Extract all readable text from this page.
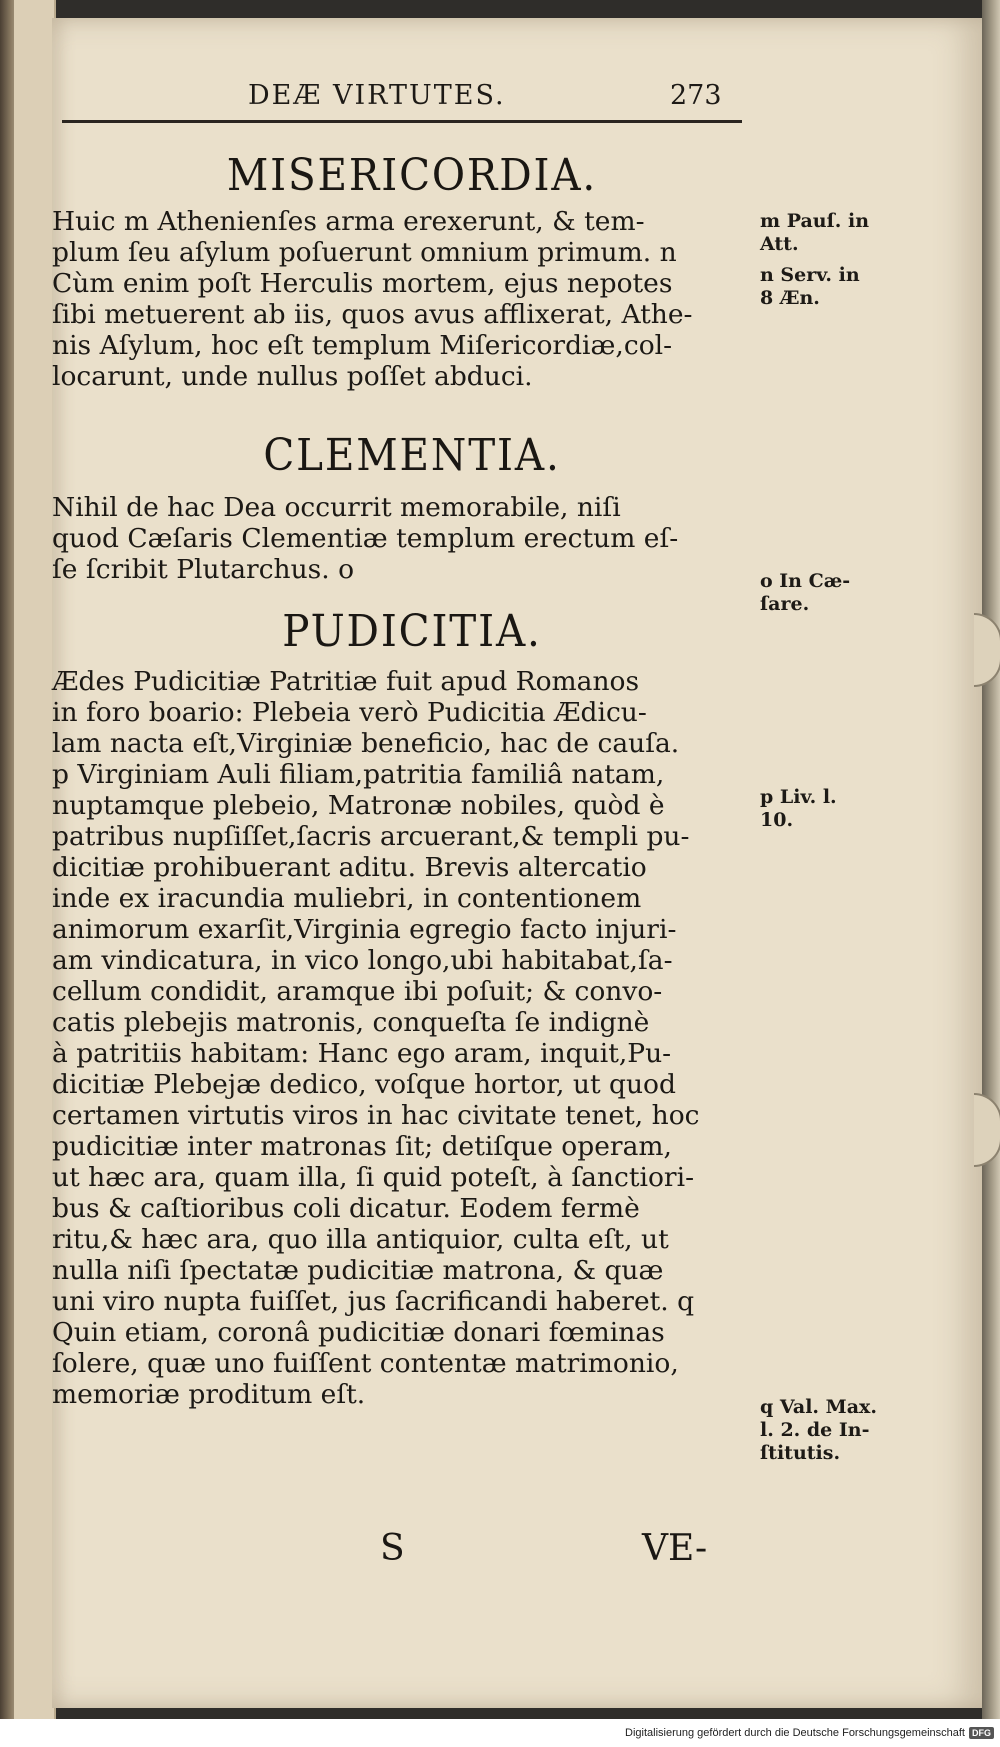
DEÆ VIRTUTES.	273
MISERICORDIA.

Huic m Athenienſes arma erexerunt, & tem-
plum ſeu aſylum poſuerunt omnium primum. n
Cùm enim poſt Herculis mortem, ejus nepotes
ſibi metuerent ab iis, quos avus afflixerat, Athe-
nis Aſylum, hoc eſt templum Miſericordiæ,col-
locarunt, unde nullus poſſet abduci.

CLEMENTIA.

Nihil de hac Dea occurrit memorabile, niſi
quod Cæſaris Clementiæ templum erectum eſ-
ſe ſcribit Plutarchus. o

PUDICITIA.

Ædes Pudicitiæ Patritiæ fuit apud Romanos
in foro boario: Plebeia verò Pudicitia Ædicu-
lam nacta eſt,Virginiæ beneficio, hac de cauſa.
p Virginiam Auli filiam,patritia familiâ natam,
nuptamque plebeio, Matronæ nobiles, quòd è
patribus nupſiſſet,ſacris arcuerant,& templi pu-
dicitiæ prohibuerant aditu. Brevis altercatio
inde ex iracundia muliebri, in contentionem
animorum exarſit,Virginia egregio facto injuri-
am vindicatura, in vico longo,ubi habitabat,ſa-
cellum condidit, aramque ibi poſuit; & convo-
catis plebejis matronis, conqueſta ſe indignè
à patritiis habitam: Hanc ego aram, inquit,Pu-
dicitiæ Plebejæ dedico, voſque hortor, ut quod
certamen virtutis viros in hac civitate tenet, hoc
pudicitiæ inter matronas ſit; detiſque operam,
ut hæc ara, quam illa, ſi quid poteſt, à ſanctiori-
bus & caſtioribus coli dicatur. Eodem fermè
ritu,& hæc ara, quo illa antiquior, culta eſt, ut
nulla niſi ſpectatæ pudicitiæ matrona, & quæ
uni viro nupta fuiſſet, jus ſacrificandi haberet. q
Quin etiam, coronâ pudicitiæ donari fœminas
ſolere, quæ uno fuiſſent contentæ matrimonio,
memoriæ proditum eſt.

m Pauſ. in
Att.
n Serv. in
8 Æn.
o In Cæ-
ſare.
p Liv. l.
10.
q Val. Max.
l. 2. de In-
ſtitutis.
S	VE-
Digitalisierung gefördert durch die Deutsche Forschungsgemeinschaft DFG
